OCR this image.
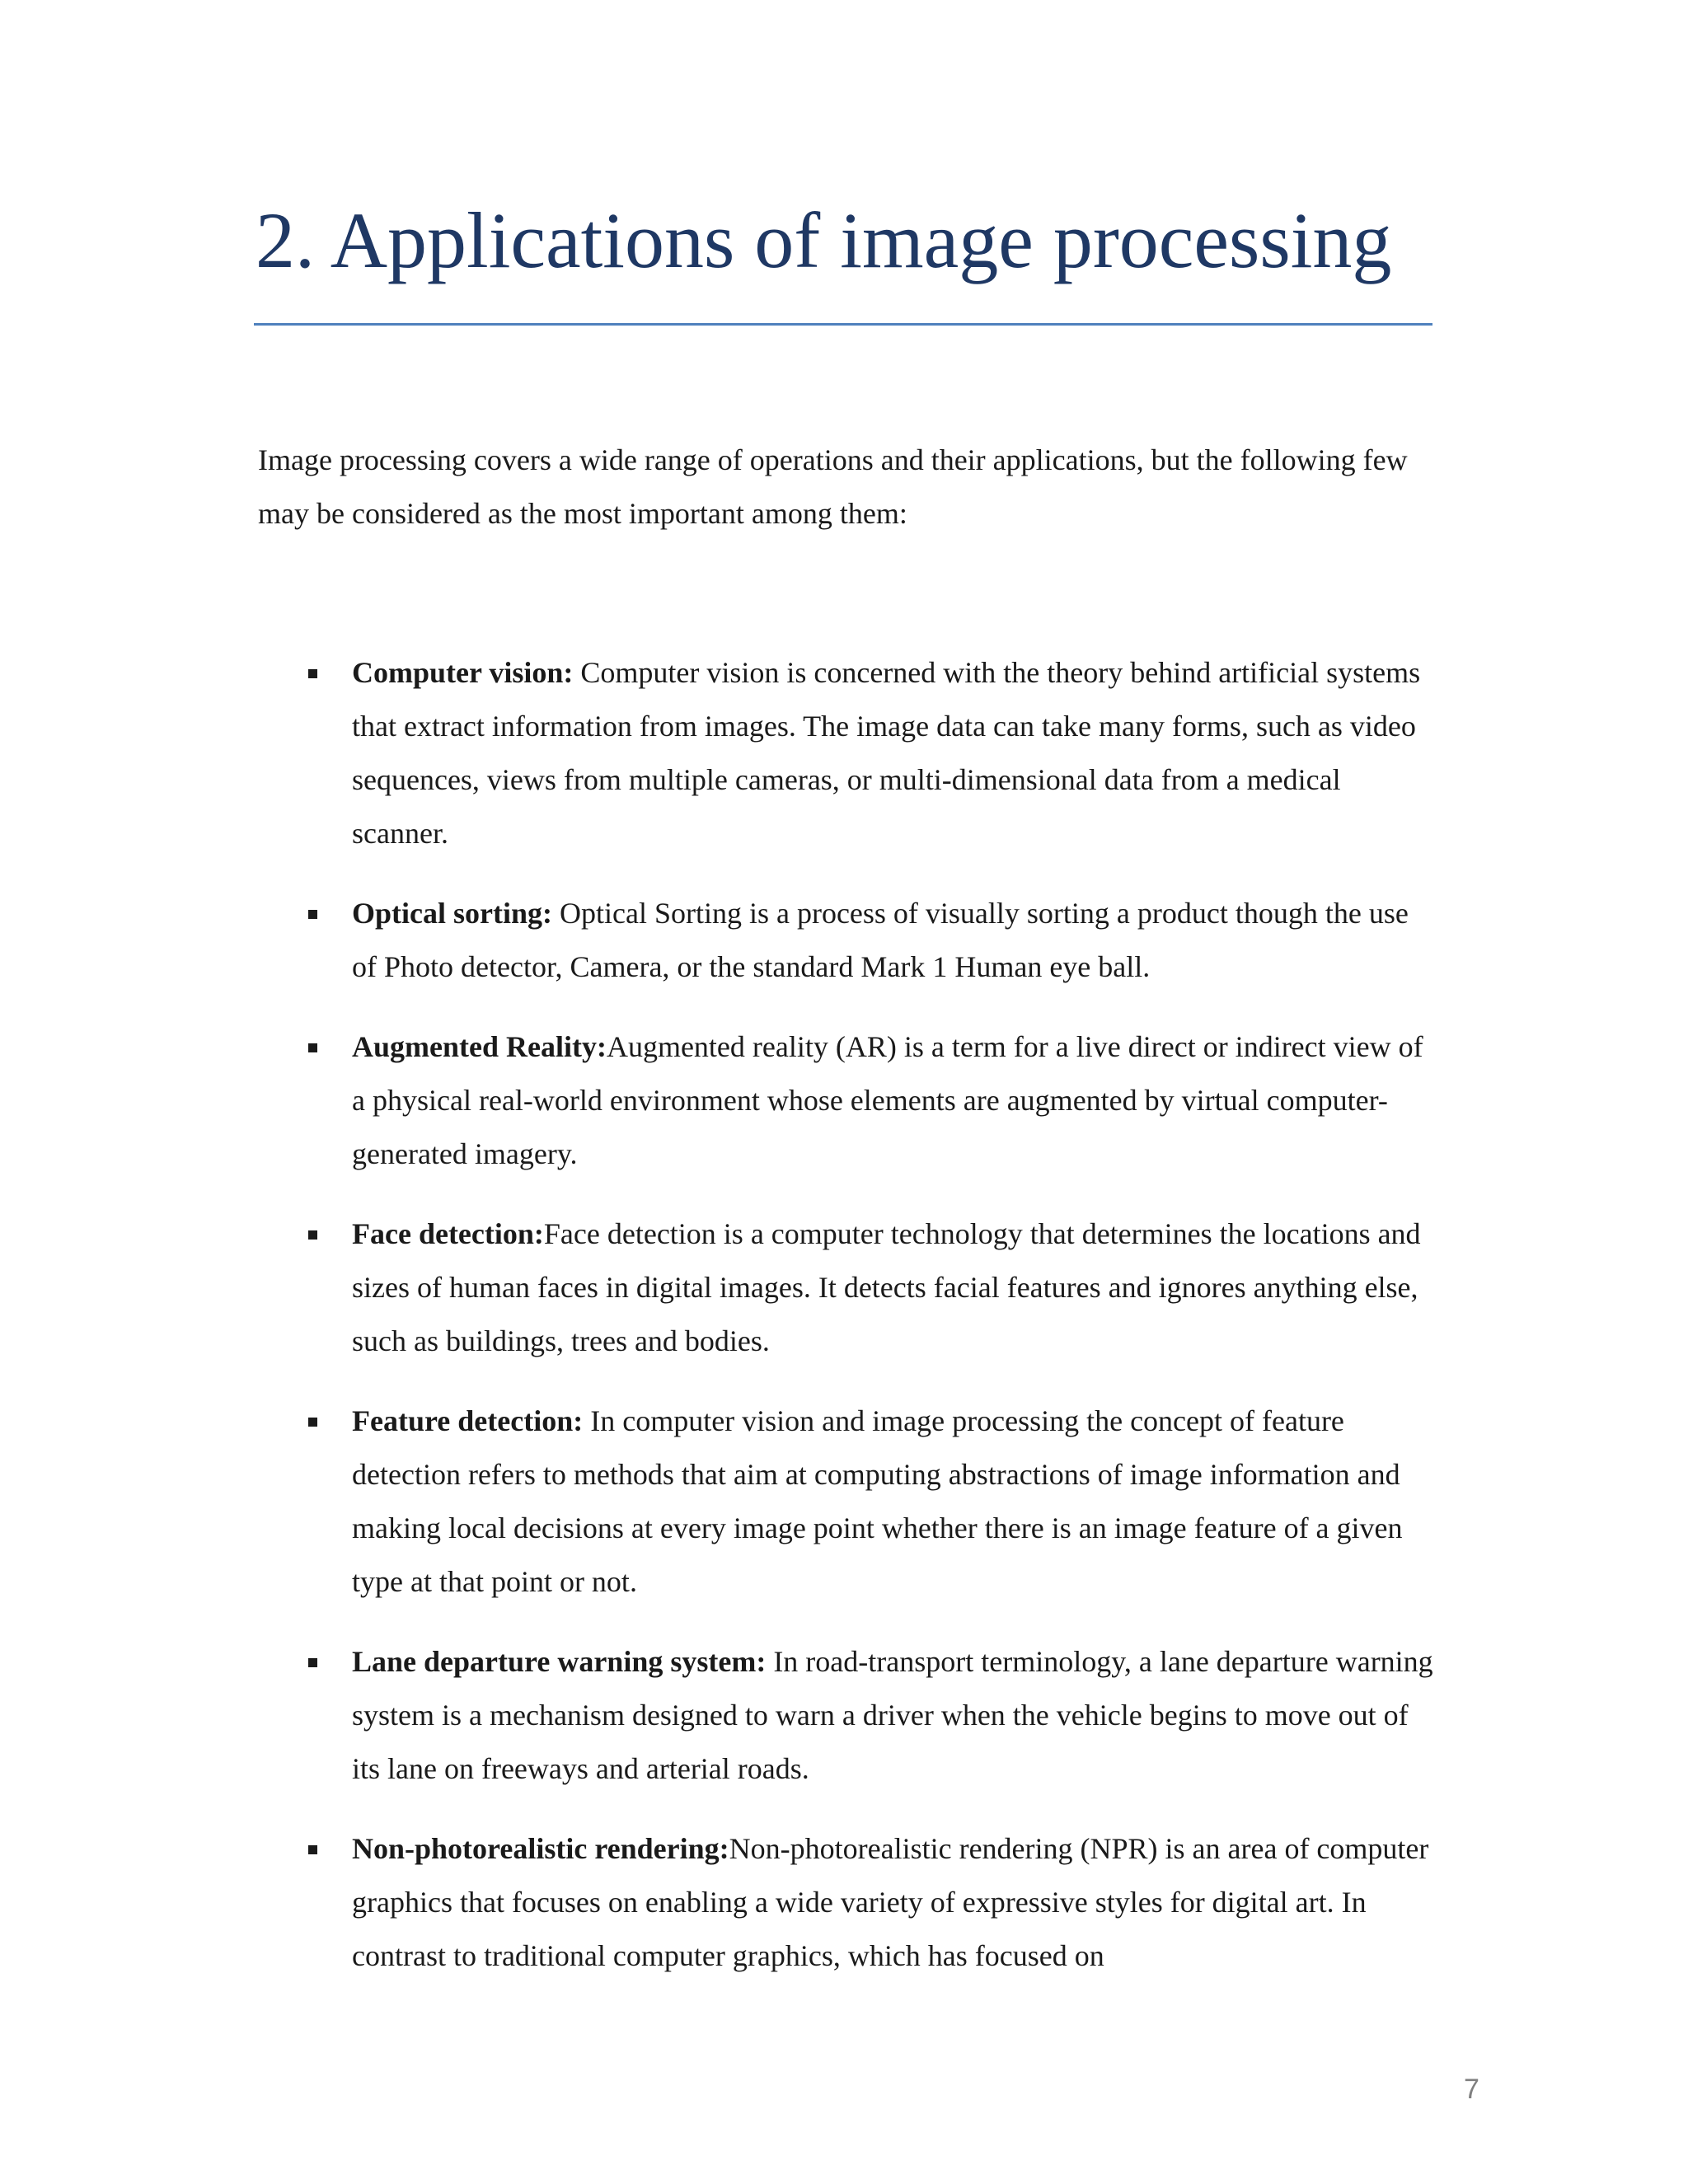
2. Applications of image processing

Image processing covers a wide range of operations and their applications, but the following few may be considered as the most important among them:

Computer vision: Computer vision is concerned with the theory behind artificial systems that extract information from images. The image data can take many forms, such as video sequences, views from multiple cameras, or multi-dimensional data from a medical scanner.

Optical sorting: Optical Sorting is a process of visually sorting a product though the use of Photo detector, Camera, or the standard Mark 1 Human eye ball.

Augmented Reality:Augmented reality (AR) is a term for a live direct or indirect view of a physical real-world environment whose elements are augmented by virtual computer-generated imagery.

Face detection:Face detection is a computer technology that determines the locations and sizes of human faces in digital images. It detects facial features and ignores anything else, such as buildings, trees and bodies.

Feature detection: In computer vision and image processing the concept of feature detection refers to methods that aim at computing abstractions of image information and making local decisions at every image point whether there is an image feature of a given type at that point or not.

Lane departure warning system: In road-transport terminology, a lane departure warning system is a mechanism designed to warn a driver when the vehicle begins to move out of its lane on freeways and arterial roads.

Non-photorealistic rendering:Non-photorealistic rendering (NPR) is an area of computer graphics that focuses on enabling a wide variety of expressive styles for digital art. In contrast to traditional computer graphics, which has focused on

7
